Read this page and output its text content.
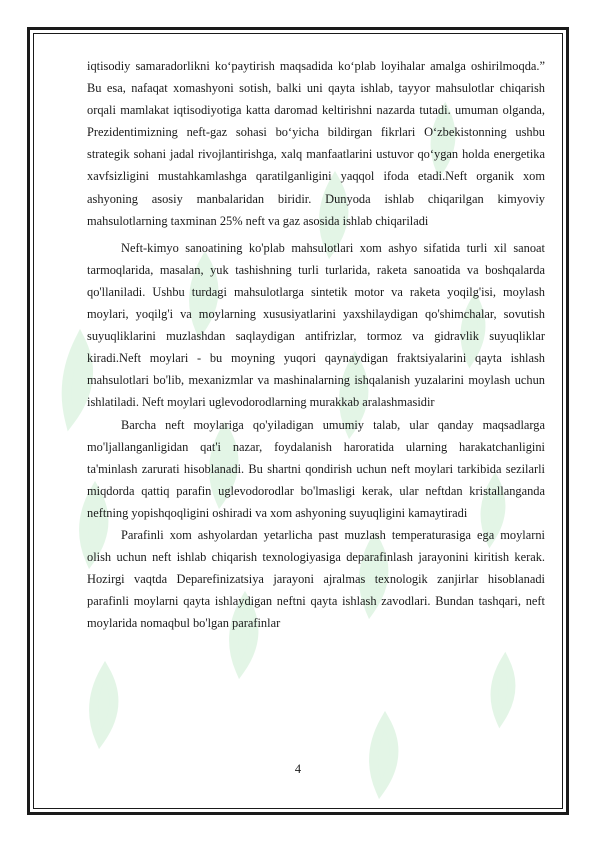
iqtisodiy samaradorlikni ko‘paytirish maqsadida ko‘plab loyihalar amalga oshirilmoqda.” Bu esa, nafaqat xomashyoni sotish, balki uni qayta ishlab, tayyor mahsulotlar chiqarish orqali mamlakat iqtisodiyotiga katta daromad keltirishni nazarda tutadi. umuman olganda, Prezidentimizning neft-gaz sohasi bo‘yicha bildirgan fikrlari O‘zbekistonning ushbu strategik sohani jadal rivojlantirishga, xalq manfaatlarini ustuvor qo‘ygan holda energetika xavfsizligini mustahkamlashga qaratilganligini yaqqol ifoda etadi.Neft organik xom ashyoning asosiy manbalaridan biridir. Dunyoda ishlab chiqarilgan kimyoviy mahsulotlarning taxminan 25% neft va gaz asosida ishlab chiqariladi

Neft-kimyo sanoatining ko'plab mahsulotlari xom ashyo sifatida turli xil sanoat tarmoqlarida, masalan, yuk tashishning turli turlarida, raketa sanoatida va boshqalarda qo'llaniladi. Ushbu turdagi mahsulotlarga sintetik motor va raketa yoqilg'isi, moylash moylari, yoqilg'i va moylarning xususiyatlarini yaxshilaydigan qo'shimchalar, sovutish suyuqliklarini muzlashdan saqlaydigan antifrizlar, tormoz va gidravlik suyuqliklar kiradi.Neft moylari - bu moyning yuqori qaynaydigan fraktsiyalarini qayta ishlash mahsulotlari bo'lib, mexanizmlar va mashinalarning ishqalanish yuzalarini moylash uchun ishlatiladi. Neft moylari uglevodorodlarning murakkab aralashmasidir

Barcha neft moylariga qo'yiladigan umumiy talab, ular qanday maqsadlarga mo'ljallanganligidan qat'i nazar, foydalanish haroratida ularning harakatchanligini ta'minlash zarurati hisoblanadi. Bu shartni qondirish uchun neft moylari tarkibida sezilarli miqdorda qattiq parafin uglevodorodlar bo'lmasligi kerak, ular neftdan kristallanganda neftning yopishqoqligini oshiradi va xom ashyoning suyuqligini kamaytiradi

Parafinli xom ashyolardan yetarlicha past muzlash temperaturasiga ega moylarni olish uchun neft ishlab chiqarish texnologiyasiga deparafinlash jarayonini kiritish kerak. Hozirgi vaqtda Deparefinizatsiya jarayoni ajralmas texnologik zanjirlar hisoblanadi parafinli moylarni qayta ishlaydigan neftni qayta ishlash zavodlari. Bundan tashqari, neft moylarida nomaqbul bo'lgan parafinlar

4
